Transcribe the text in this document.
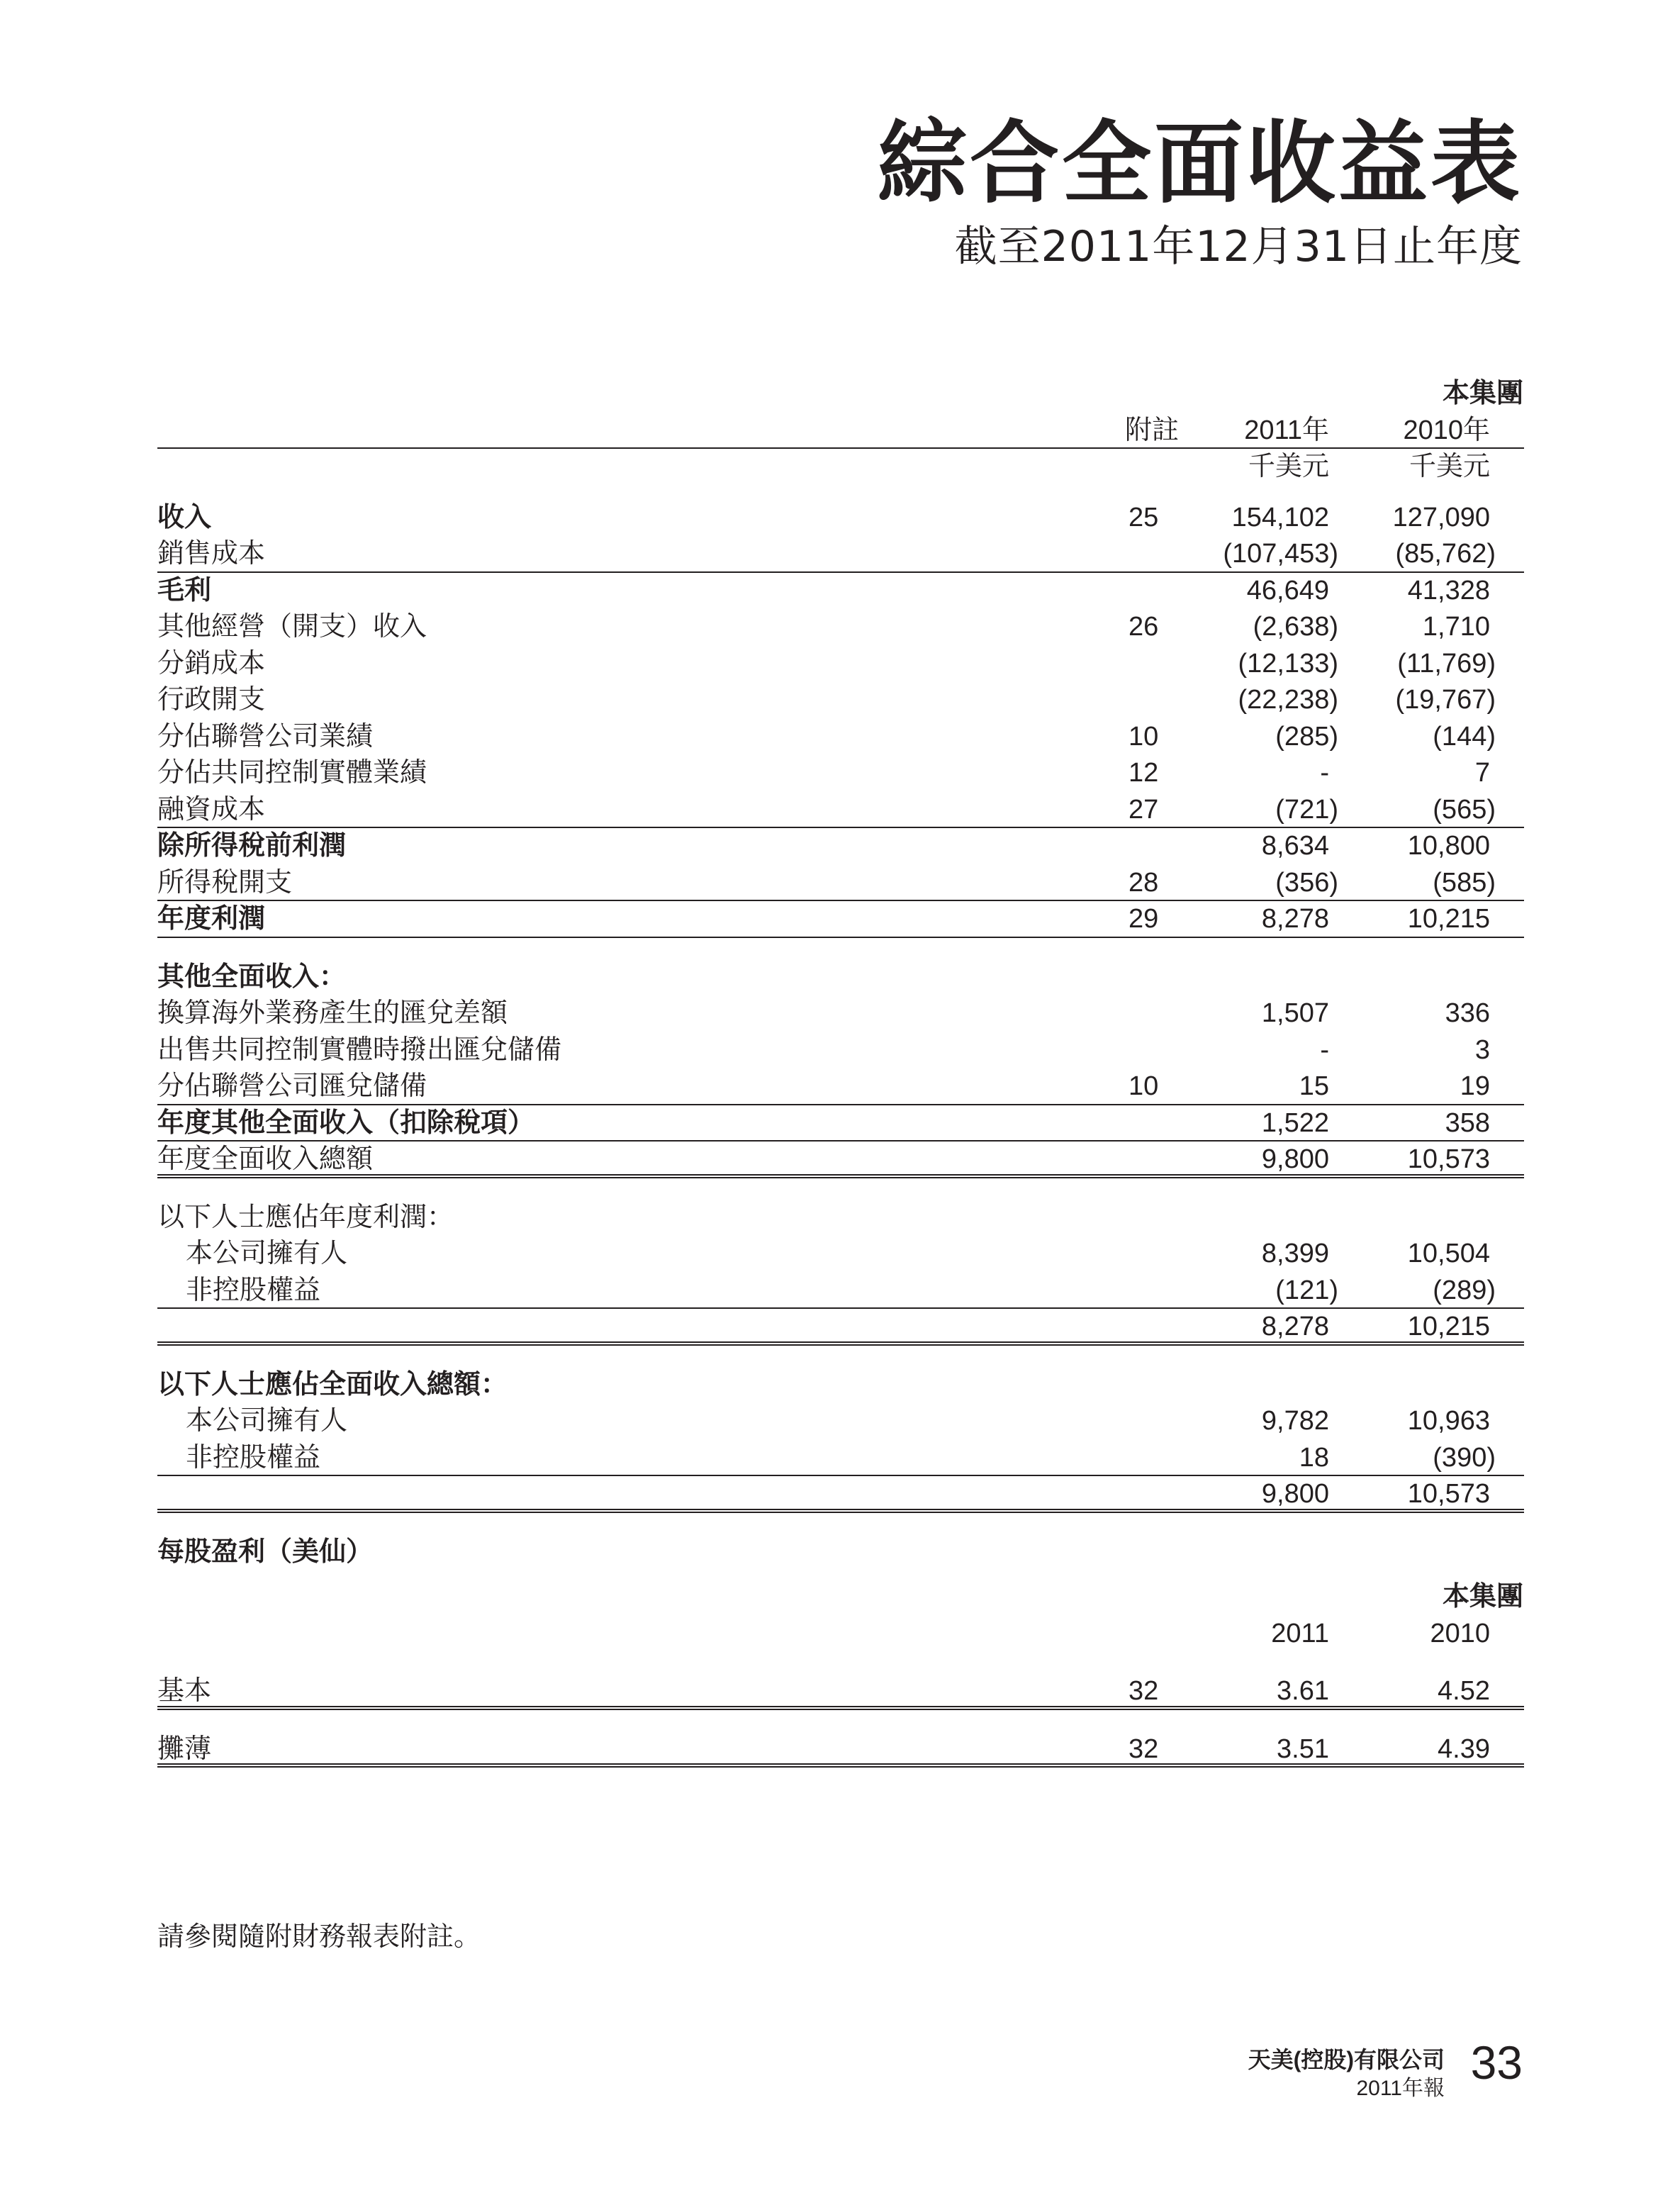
綜合全面收益表
截至2011年12月31日止年度
本集團
附註	2011年	2010年
千美元	千美元
收入	25	154,102	127,090
銷售成本	(107,453)	(85,762)
毛利	46,649	41,328
其他經營（開支）收入	26	(2,638)	1,710
分銷成本	(12,133)	(11,769)
行政開支	(22,238)	(19,767)
分佔聯營公司業績	10	(285)	(144)
分佔共同控制實體業績	12	-	7
融資成本	27	(721)	(565)
除所得稅前利潤	8,634	10,800
所得稅開支	28	(356)	(585)
年度利潤	29	8,278	10,215
其他全面收入：
換算海外業務產生的匯兌差額	1,507	336
出售共同控制實體時撥出匯兌儲備	-	3
分佔聯營公司匯兌儲備	10	15	19
年度其他全面收入（扣除稅項）	1,522	358
年度全面收入總額	9,800	10,573
以下人士應佔年度利潤：
本公司擁有人	8,399	10,504
非控股權益	(121)	(289)
8,278	10,215
以下人士應佔全面收入總額：
本公司擁有人	9,782	10,963
非控股權益	18	(390)
9,800	10,573
每股盈利（美仙）
本集團
2011	2010
基本	32	3.61	4.52
攤薄	32	3.51	4.39
請參閱隨附財務報表附註。
天美(控股)有限公司
2011年報 33
